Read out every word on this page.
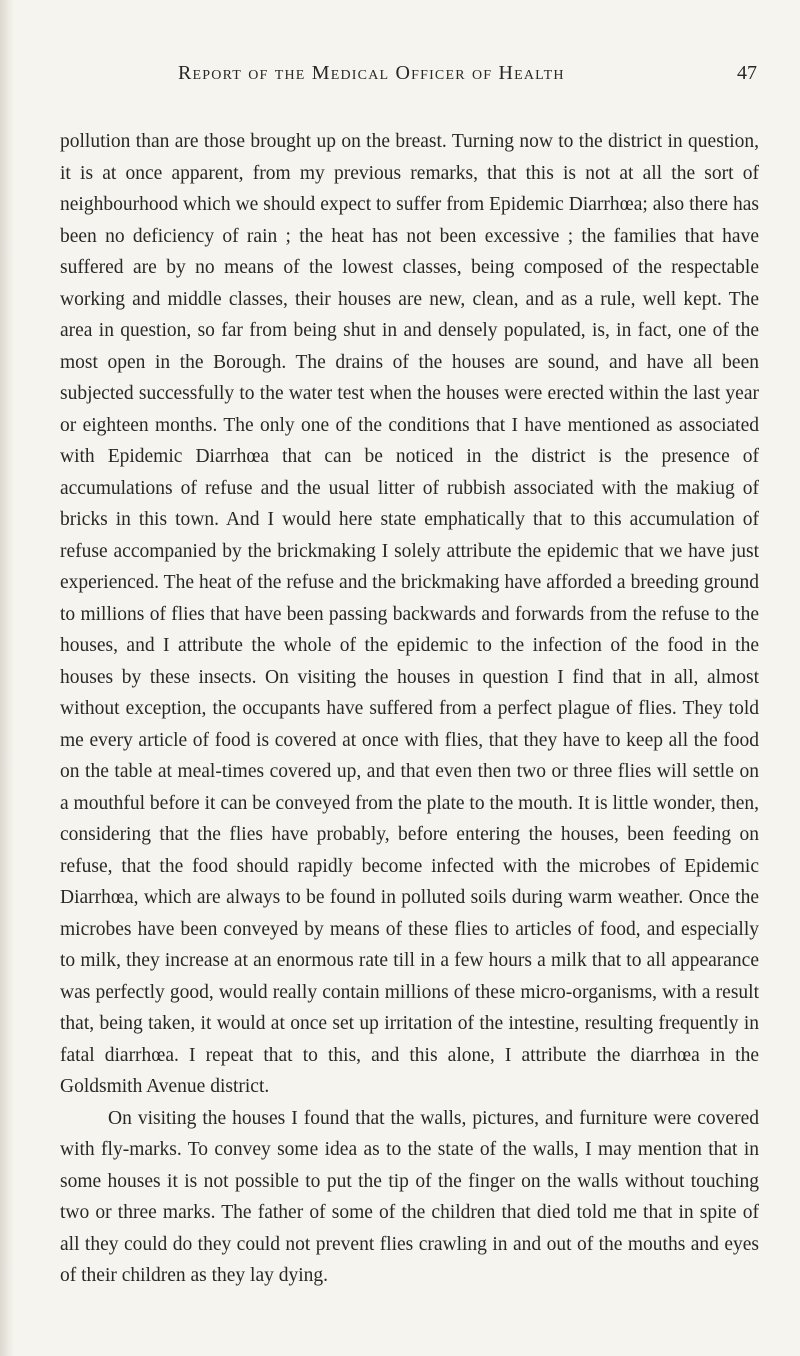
Report of the Medical Officer of Health	47

pollution than are those brought up on the breast. Turning now to the district in question, it is at once apparent, from my previous remarks, that this is not at all the sort of neighbourhood which we should expect to suffer from Epidemic Diarrhœa; also there has been no deficiency of rain ; the heat has not been excessive ; the families that have suffered are by no means of the lowest classes, being composed of the respectable working and middle classes, their houses are new, clean, and as a rule, well kept. The area in question, so far from being shut in and densely populated, is, in fact, one of the most open in the Borough. The drains of the houses are sound, and have all been subjected successfully to the water test when the houses were erected within the last year or eighteen months. The only one of the conditions that I have mentioned as associated with Epidemic Diarrhœa that can be noticed in the district is the presence of accumulations of refuse and the usual litter of rubbish associated with the makiug of bricks in this town. And I would here state emphatically that to this accumulation of refuse accompanied by the brickmaking I solely attribute the epidemic that we have just experienced. The heat of the refuse and the brickmaking have afforded a breeding ground to millions of flies that have been passing backwards and forwards from the refuse to the houses, and I attribute the whole of the epidemic to the infection of the food in the houses by these insects. On visiting the houses in question I find that in all, almost without exception, the occupants have suffered from a perfect plague of flies. They told me every article of food is covered at once with flies, that they have to keep all the food on the table at meal-times covered up, and that even then two or three flies will settle on a mouthful before it can be conveyed from the plate to the mouth. It is little wonder, then, considering that the flies have probably, before entering the houses, been feeding on refuse, that the food should rapidly become infected with the microbes of Epidemic Diarrhœa, which are always to be found in polluted soils during warm weather. Once the microbes have been conveyed by means of these flies to articles of food, and especially to milk, they increase at an enormous rate till in a few hours a milk that to all appearance was perfectly good, would really contain millions of these micro-organisms, with a result that, being taken, it would at once set up irritation of the intestine, resulting frequently in fatal diarrhœa. I repeat that to this, and this alone, I attribute the diarrhœa in the Goldsmith Avenue district.

On visiting the houses I found that the walls, pictures, and furniture were covered with fly-marks. To convey some idea as to the state of the walls, I may mention that in some houses it is not possible to put the tip of the finger on the walls without touching two or three marks. The father of some of the children that died told me that in spite of all they could do they could not prevent flies crawling in and out of the mouths and eyes of their children as they lay dying.
